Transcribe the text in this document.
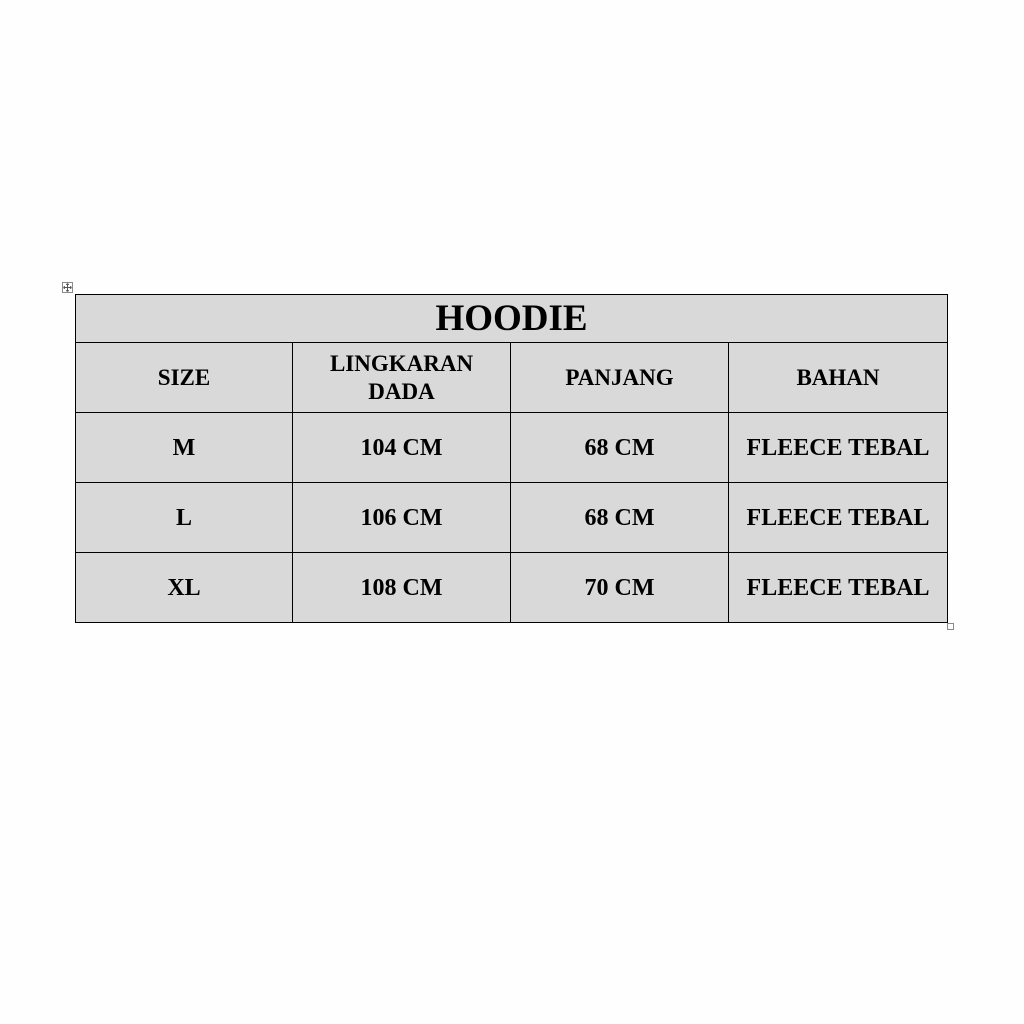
HOODIE			
SIZE	LINGKARAN DADA	PANJANG	BAHAN
M	104 CM	68 CM	FLEECE TEBAL
L	106 CM	68 CM	FLEECE TEBAL
XL	108 CM	70 CM	FLEECE TEBAL
